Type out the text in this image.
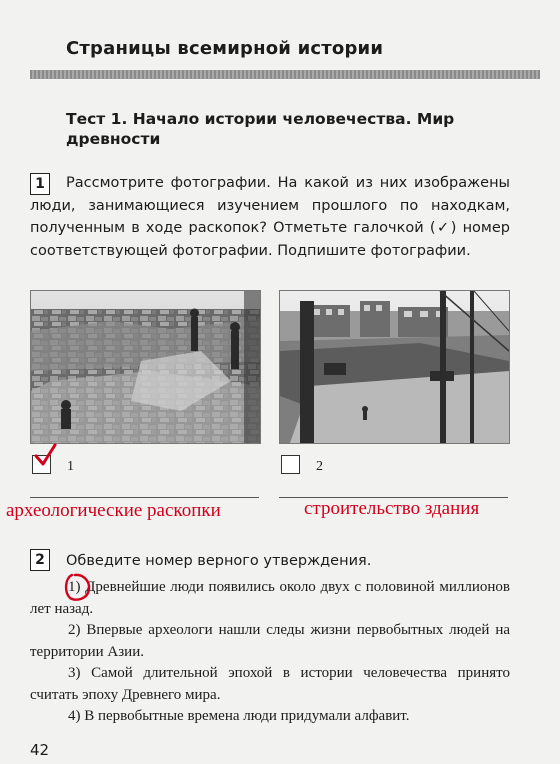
Страницы всемирной истории
Тест 1. Начало истории человечества. Мир древности
1	Рассмотрите фотографии. На какой из них изображены люди, занимающиеся изучением прошлого по находкам, полученным в ходе раскопок? Отметьте галочкой (✓) номер соответствующей фотографии. Подпишите фотографии.
1	2
археологические раскопки	строительство здания
2	Обведите номер верного утверждения.

1) Древнейшие люди появились около двух с половиной миллионов лет назад.

2) Впервые археологи нашли следы жизни первобытных людей на территории Азии.

3) Самой длительной эпохой в истории человечества принято считать эпоху Древнего мира.

4) В первобытные времена люди придумали алфавит.

42
